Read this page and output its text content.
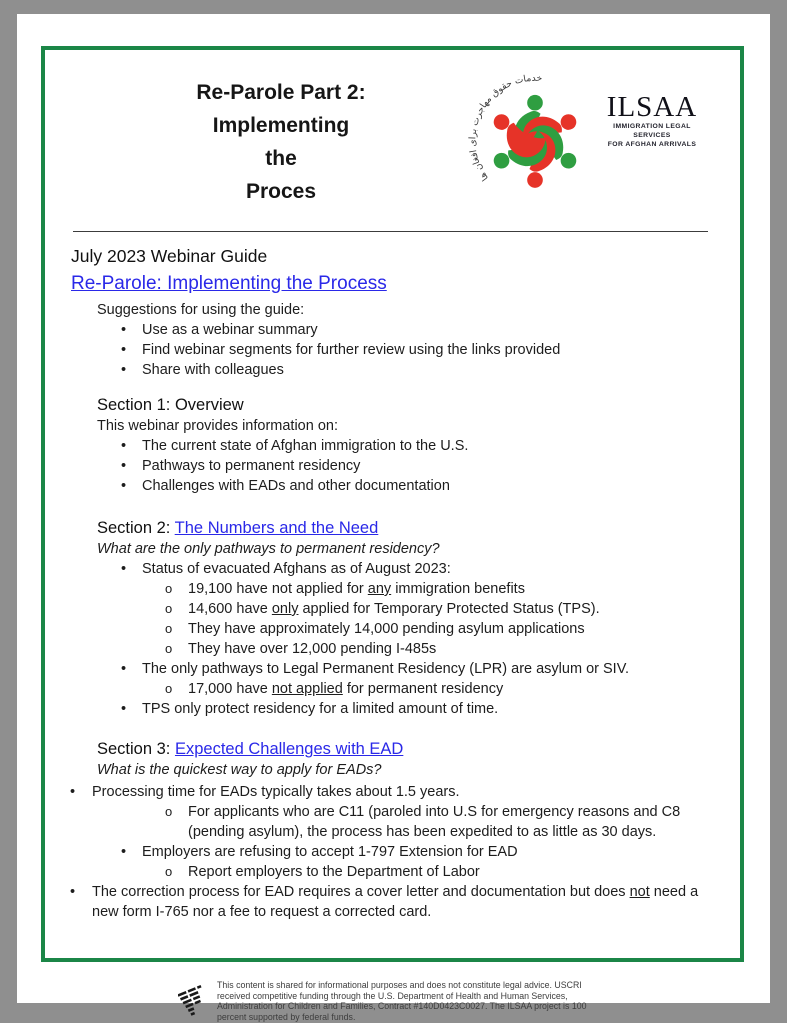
Re-Parole Part 2:
Implementing
the
Proces
خدمات حقوق مهاجرت برای افغان ها
ILSAA
IMMIGRATION LEGAL SERVICES
FOR AFGHAN ARRIVALS
July 2023 Webinar Guide
Re-Parole: Implementing the Process
Suggestions for using the guide:
• Use as a webinar summary
• Find webinar segments for further review using the links provided
• Share with colleagues
Section 1: Overview
This webinar provides information on:
• The current state of Afghan immigration to the U.S.
• Pathways to permanent residency
• Challenges with EADs and other documentation
Section 2: The Numbers and the Need
What are the only pathways to permanent residency?
• Status of evacuated Afghans as of August 2023:
o 19,100 have not applied for any immigration benefits
o 14,600 have only applied for Temporary Protected Status (TPS).
o They have approximately 14,000 pending asylum applications
o They have over 12,000 pending I-485s
• The only pathways to Legal Permanent Residency (LPR) are asylum or SIV.
o 17,000 have not applied for permanent residency
• TPS only protect residency for a limited amount of time.
Section 3: Expected Challenges with EAD
What is the quickest way to apply for EADs?
• Processing time for EADs typically takes about 1.5 years.
o For applicants who are C11 (paroled into U.S for emergency reasons and C8 (pending asylum), the process has been expedited to as little as 30 days.
• Employers are refusing to accept 1-797 Extension for EAD
o Report employers to the Department of Labor
• The correction process for EAD requires a cover letter and documentation but does not need a new form I-765 nor a fee to request a corrected card.
This content is shared for informational purposes and does not constitute legal advice. USCRI received competitive funding through the U.S. Department of Health and Human Services, Administration for Children and Families, Contract #140D0423C0027. The ILSAA project is 100 percent supported by federal funds.
